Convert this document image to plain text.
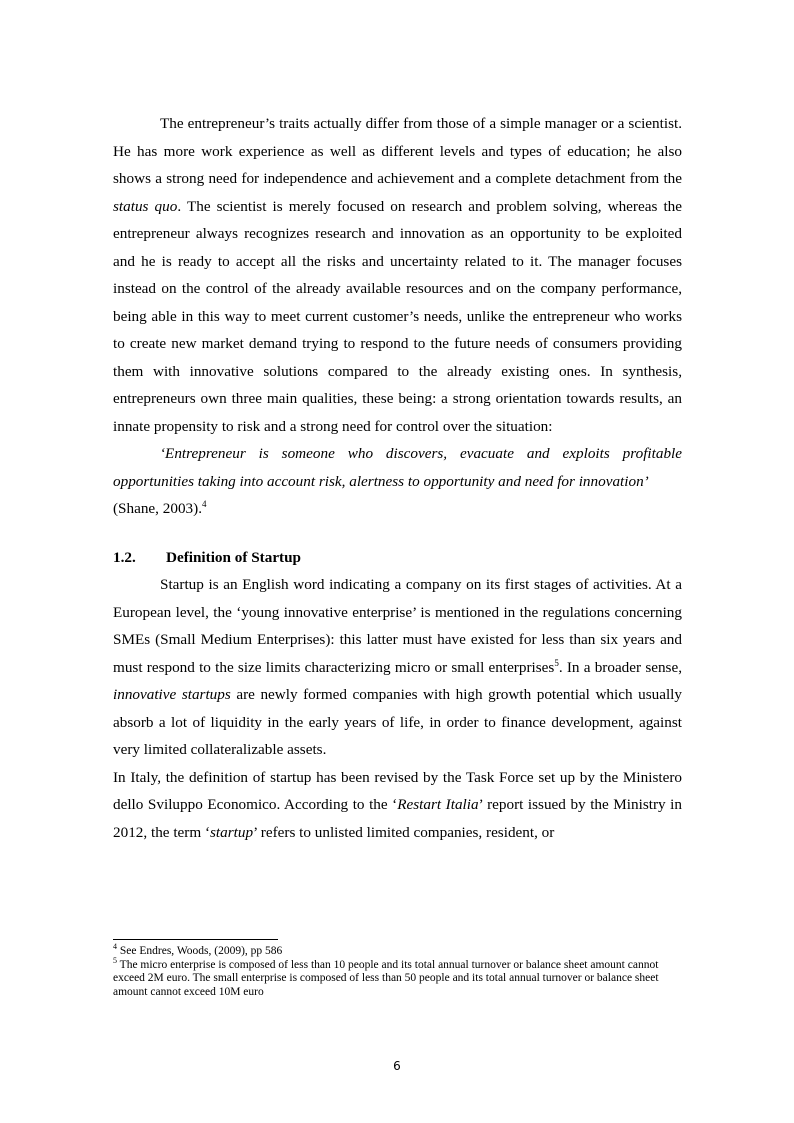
The entrepreneur’s traits actually differ from those of a simple manager or a scientist. He has more work experience as well as different levels and types of education; he also shows a strong need for independence and achievement and a complete detachment from the status quo. The scientist is merely focused on research and problem solving, whereas the entrepreneur always recognizes research and innovation as an opportunity to be exploited and he is ready to accept all the risks and uncertainty related to it. The manager focuses instead on the control of the already available resources and on the company performance, being able in this way to meet current customer’s needs, unlike the entrepreneur who works to create new market demand trying to respond to the future needs of consumers providing them with innovative solutions compared to the already existing ones. In synthesis, entrepreneurs own three main qualities, these being: a strong orientation towards results, an innate propensity to risk and a strong need for control over the situation:

‘Entrepreneur is someone who discovers, evacuate and exploits profitable opportunities taking into account risk, alertness to opportunity and need for innovation’

(Shane, 2003).$^4$

1.2.	Definition of Startup

Startup is an English word indicating a company on its first stages of activities. At a European level, the ‘young innovative enterprise’ is mentioned in the regulations concerning SMEs (Small Medium Enterprises): this latter must have existed for less than six years and must respond to the size limits characterizing micro or small enterprises$^5$. In a broader sense, innovative startups are newly formed companies with high growth potential which usually absorb a lot of liquidity in the early years of life, in order to finance development, against very limited collateralizable assets.

In Italy, the definition of startup has been revised by the Task Force set up by the Ministero dello Sviluppo Economico. According to the ‘Restart Italia’ report issued by the Ministry in 2012, the term ‘startup’ refers to unlisted limited companies, resident, or

$^4$ See Endres, Woods, (2009), pp 586

$^5$ The micro enterprise is composed of less than 10 people and its total annual turnover or balance sheet amount cannot exceed 2M euro. The small enterprise is composed of less than 50 people and its total annual turnover or balance sheet amount cannot exceed 10M euro

6
